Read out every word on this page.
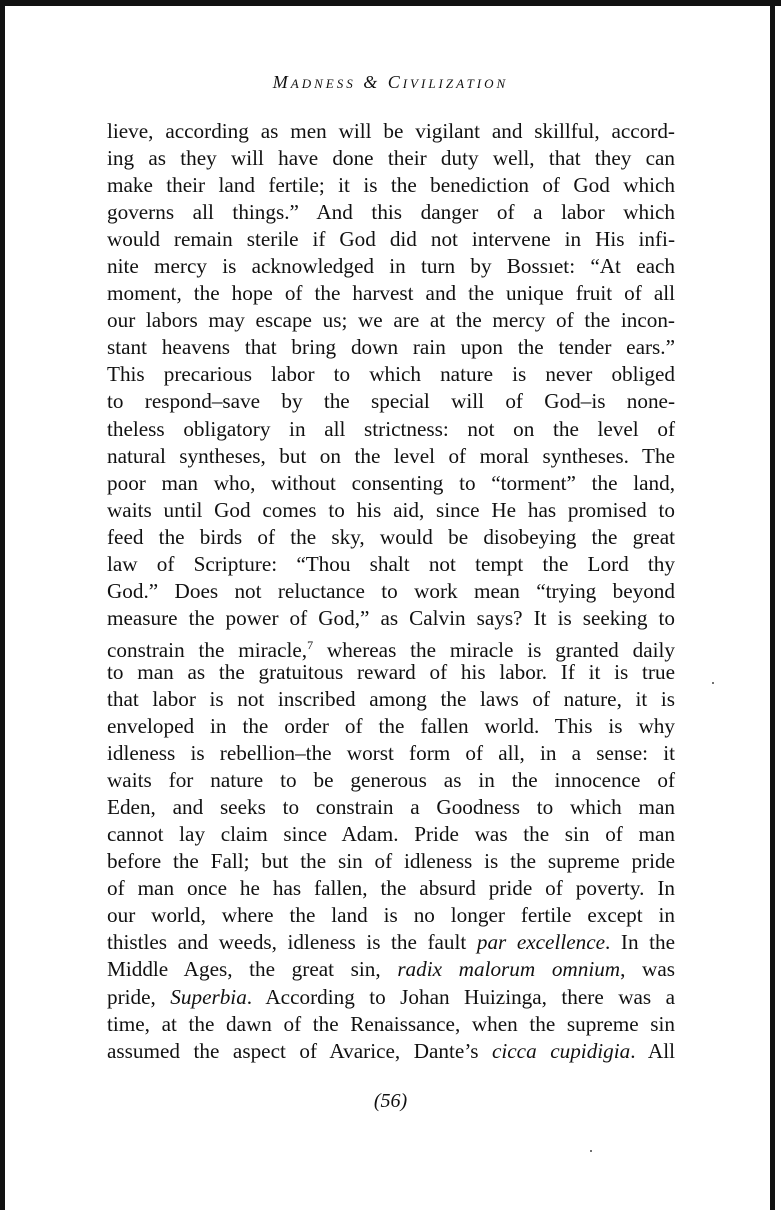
Madness & Civilization
lieve, according as men will be vigilant and skillful, accord-
ing as they will have done their duty well, that they can
make their land fertile; it is the benediction of God which
governs all things.” And this danger of a labor which
would remain sterile if God did not intervene in His infi-
nite mercy is acknowledged in turn by Bossıet: “At each
moment, the hope of the harvest and the unique fruit of all
our labors may escape us; we are at the mercy of the incon-
stant heavens that bring down rain upon the tender ears.”
This precarious labor to which nature is never obliged
to respond–save by the special will of God–is none-
theless obligatory in all strictness: not on the level of
natural syntheses, but on the level of moral syntheses. The
poor man who, without consenting to “torment” the land,
waits until God comes to his aid, since He has promised to
feed the birds of the sky, would be disobeying the great
law of Scripture: “Thou shalt not tempt the Lord thy
God.” Does not reluctance to work mean “trying beyond
measure the power of God,” as Calvin says? It is seeking to
constrain the miracle,$^7$ whereas the miracle is granted daily
to man as the gratuitous reward of his labor. If it is true
that labor is not inscribed among the laws of nature, it is
enveloped in the order of the fallen world. This is why
idleness is rebellion–the worst form of all, in a sense: it
waits for nature to be generous as in the innocence of
Eden, and seeks to constrain a Goodness to which man
cannot lay claim since Adam. Pride was the sin of man
before the Fall; but the sin of idleness is the supreme pride
of man once he has fallen, the absurd pride of poverty. In
our world, where the land is no longer fertile except in
thistles and weeds, idleness is the fault par excellence. In the
Middle Ages, the great sin, radix malorum omnium, was
pride, Superbia. According to Johan Huizinga, there was a
time, at the dawn of the Renaissance, when the supreme sin
assumed the aspect of Avarice, Dante’s cicca cupidigia. All
(56)
